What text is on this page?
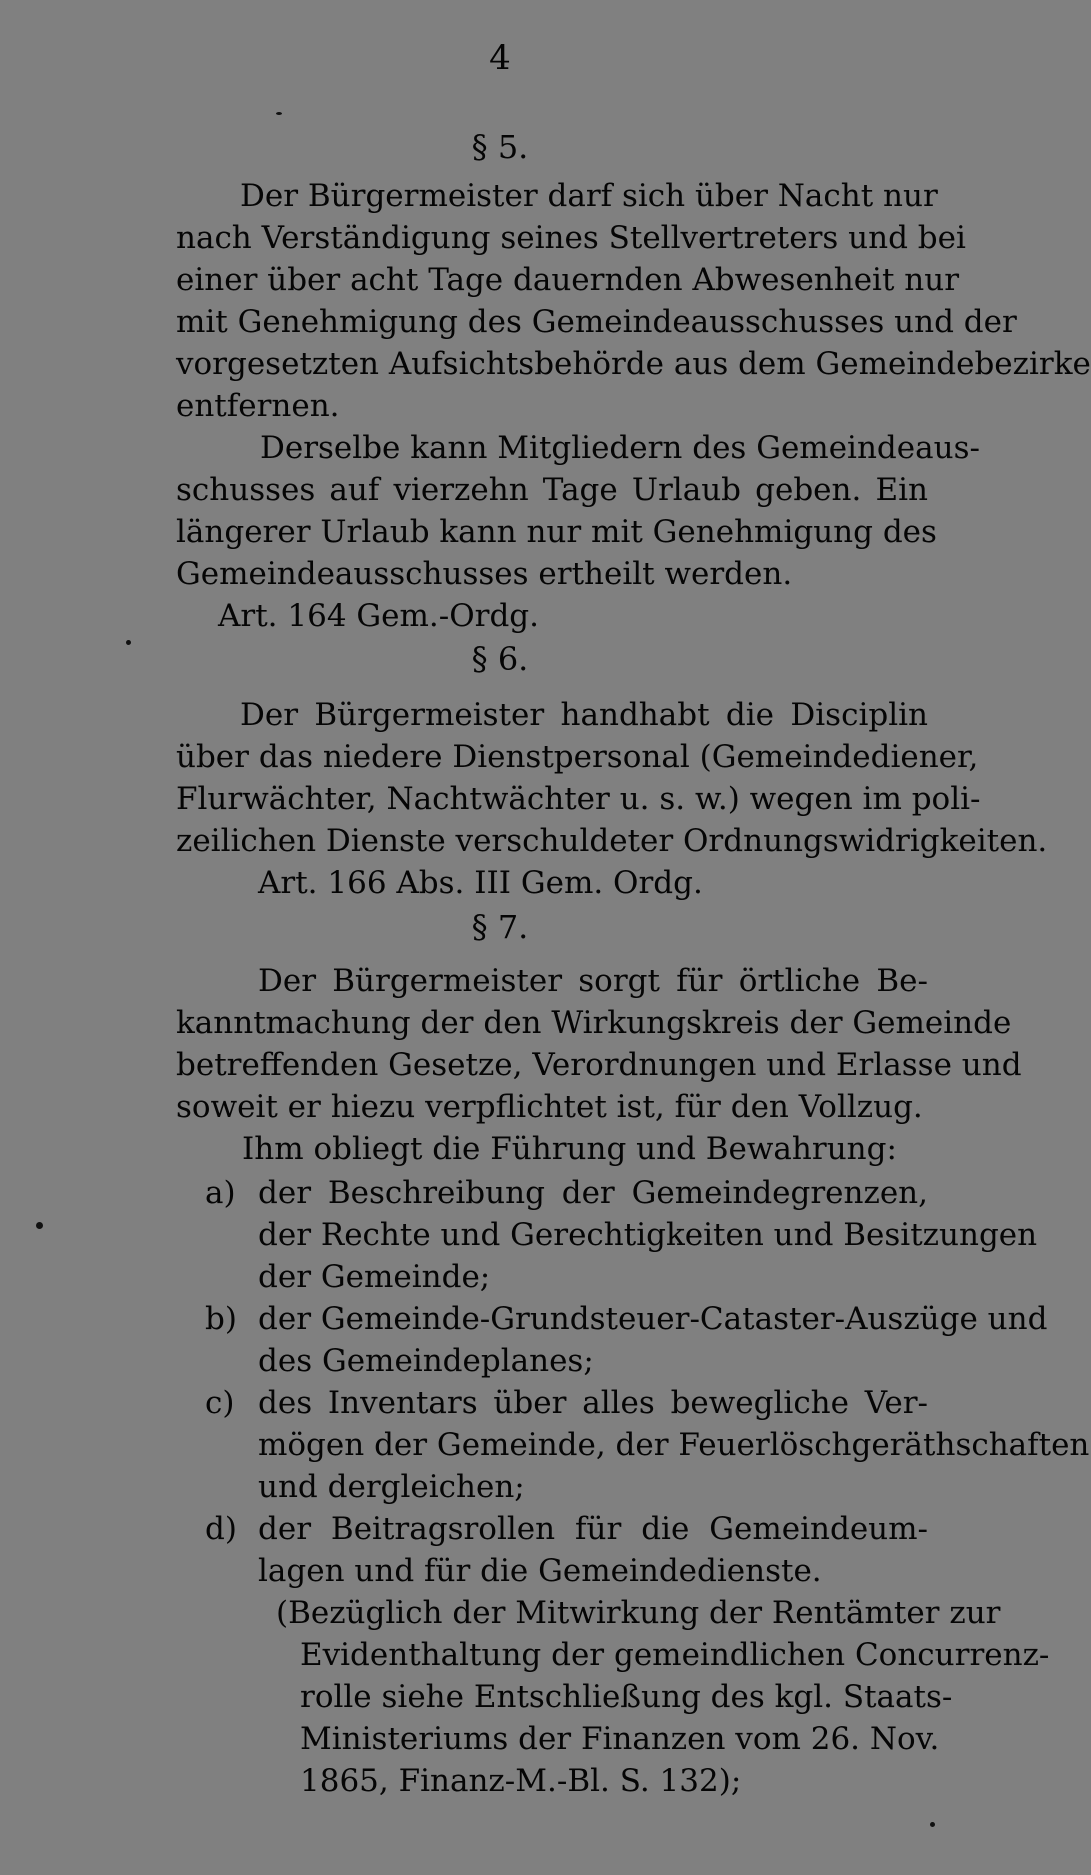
4
§ 5.
Der Bürgermeister darf sich über Nacht nur
nach Verständigung seines Stellvertreters und bei
einer über acht Tage dauernden Abwesenheit nur
mit Genehmigung des Gemeindeausschusses und der
vorgesetzten Aufsichtsbehörde aus dem Gemeindebezirke
entfernen.
Derselbe kann Mitgliedern des Gemeindeaus-
schusses auf vierzehn Tage Urlaub geben. Ein
längerer Urlaub kann nur mit Genehmigung des
Gemeindeausschusses ertheilt werden.
Art. 164 Gem.-Ordg.
§ 6.
Der Bürgermeister handhabt die Disciplin
über das niedere Dienstpersonal (Gemeindediener,
Flurwächter, Nachtwächter u. s. w.) wegen im poli-
zeilichen Dienste verschuldeter Ordnungswidrigkeiten.
Art. 166 Abs. III Gem. Ordg.
§ 7.
Der Bürgermeister sorgt für örtliche Be-
kanntmachung der den Wirkungskreis der Gemeinde
betreffenden Gesetze, Verordnungen und Erlasse und
soweit er hiezu verpflichtet ist, für den Vollzug.
Ihm obliegt die Führung und Bewahrung:
a) der Beschreibung der Gemeindegrenzen,
der Rechte und Gerechtigkeiten und Besitzungen
der Gemeinde;
b) der Gemeinde-Grundsteuer-Cataster-Auszüge und
des Gemeindeplanes;
c) des Inventars über alles bewegliche Ver-
mögen der Gemeinde, der Feuerlöschgeräthschaften
und dergleichen;
d) der Beitragsrollen für die Gemeindeum-
lagen und für die Gemeindedienste.
(Bezüglich der Mitwirkung der Rentämter zur
Evidenthaltung der gemeindlichen Concurrenz-
rolle siehe Entschließung des kgl. Staats-
Ministeriums der Finanzen vom 26. Nov.
1865, Finanz-M.-Bl. S. 132);
